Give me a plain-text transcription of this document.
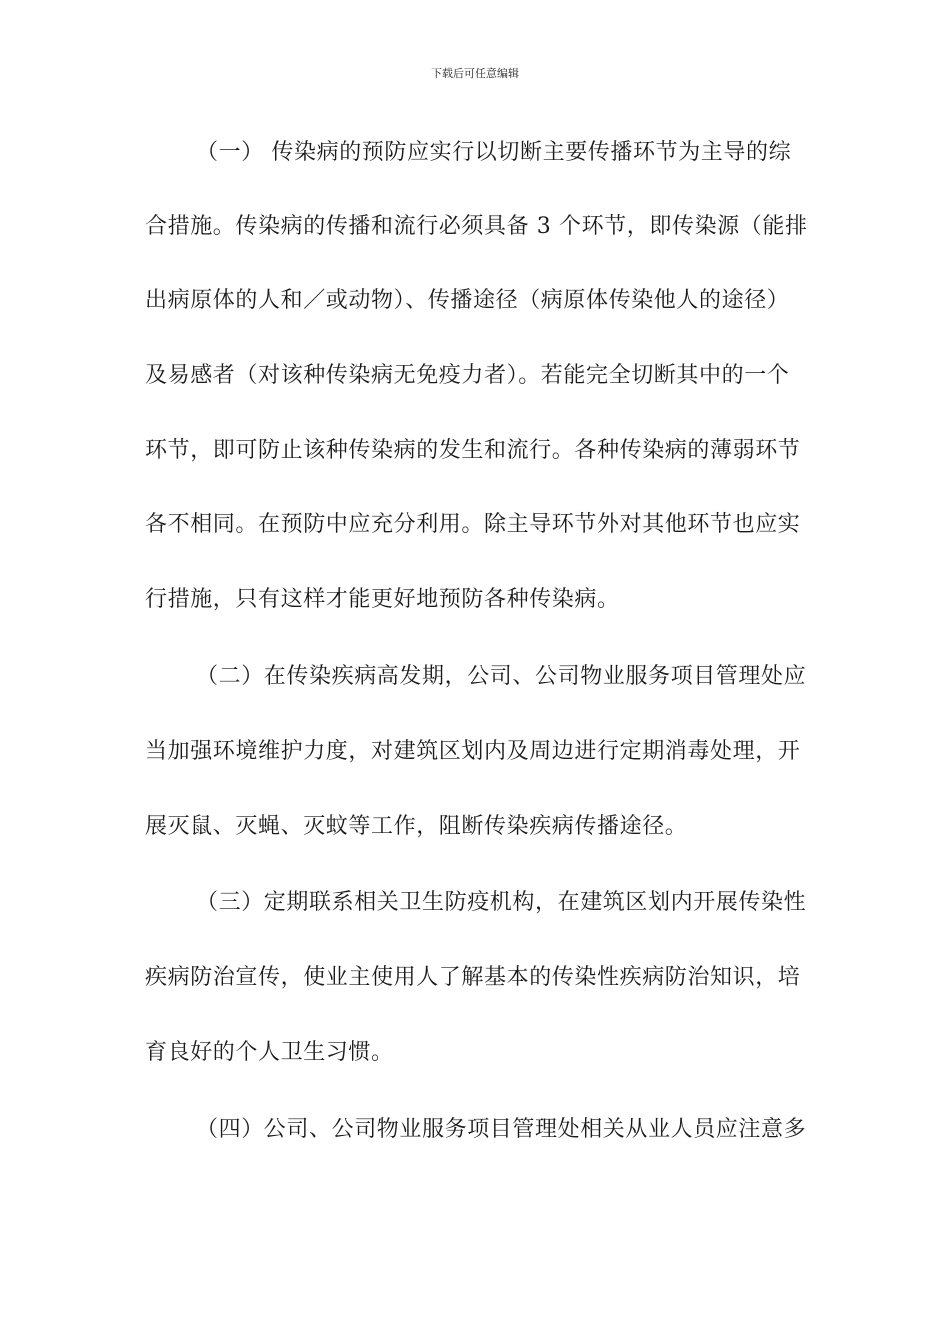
下载后可任意编辑
（一） 传染病的预防应实行以切断主要传播环节为主导的综
合措施。传染病的传播和流行必须具备 3 个环节，即传染源（能排
出病原体的人和／或动物）、传播途径（病原体传染他人的途径）
及易感者（对该种传染病无免疫力者）。若能完全切断其中的一个
环节，即可防止该种传染病的发生和流行。各种传染病的薄弱环节
各不相同。在预防中应充分利用。除主导环节外对其他环节也应实
行措施，只有这样才能更好地预防各种传染病。
（二）在传染疾病高发期，公司、公司物业服务项目管理处应
当加强环境维护力度，对建筑区划内及周边进行定期消毒处理，开
展灭鼠、灭蝇、灭蚊等工作，阻断传染疾病传播途径。
（三）定期联系相关卫生防疫机构，在建筑区划内开展传染性
疾病防治宣传，使业主使用人了解基本的传染性疾病防治知识，培
育良好的个人卫生习惯。
（四）公司、公司物业服务项目管理处相关从业人员应注意多
